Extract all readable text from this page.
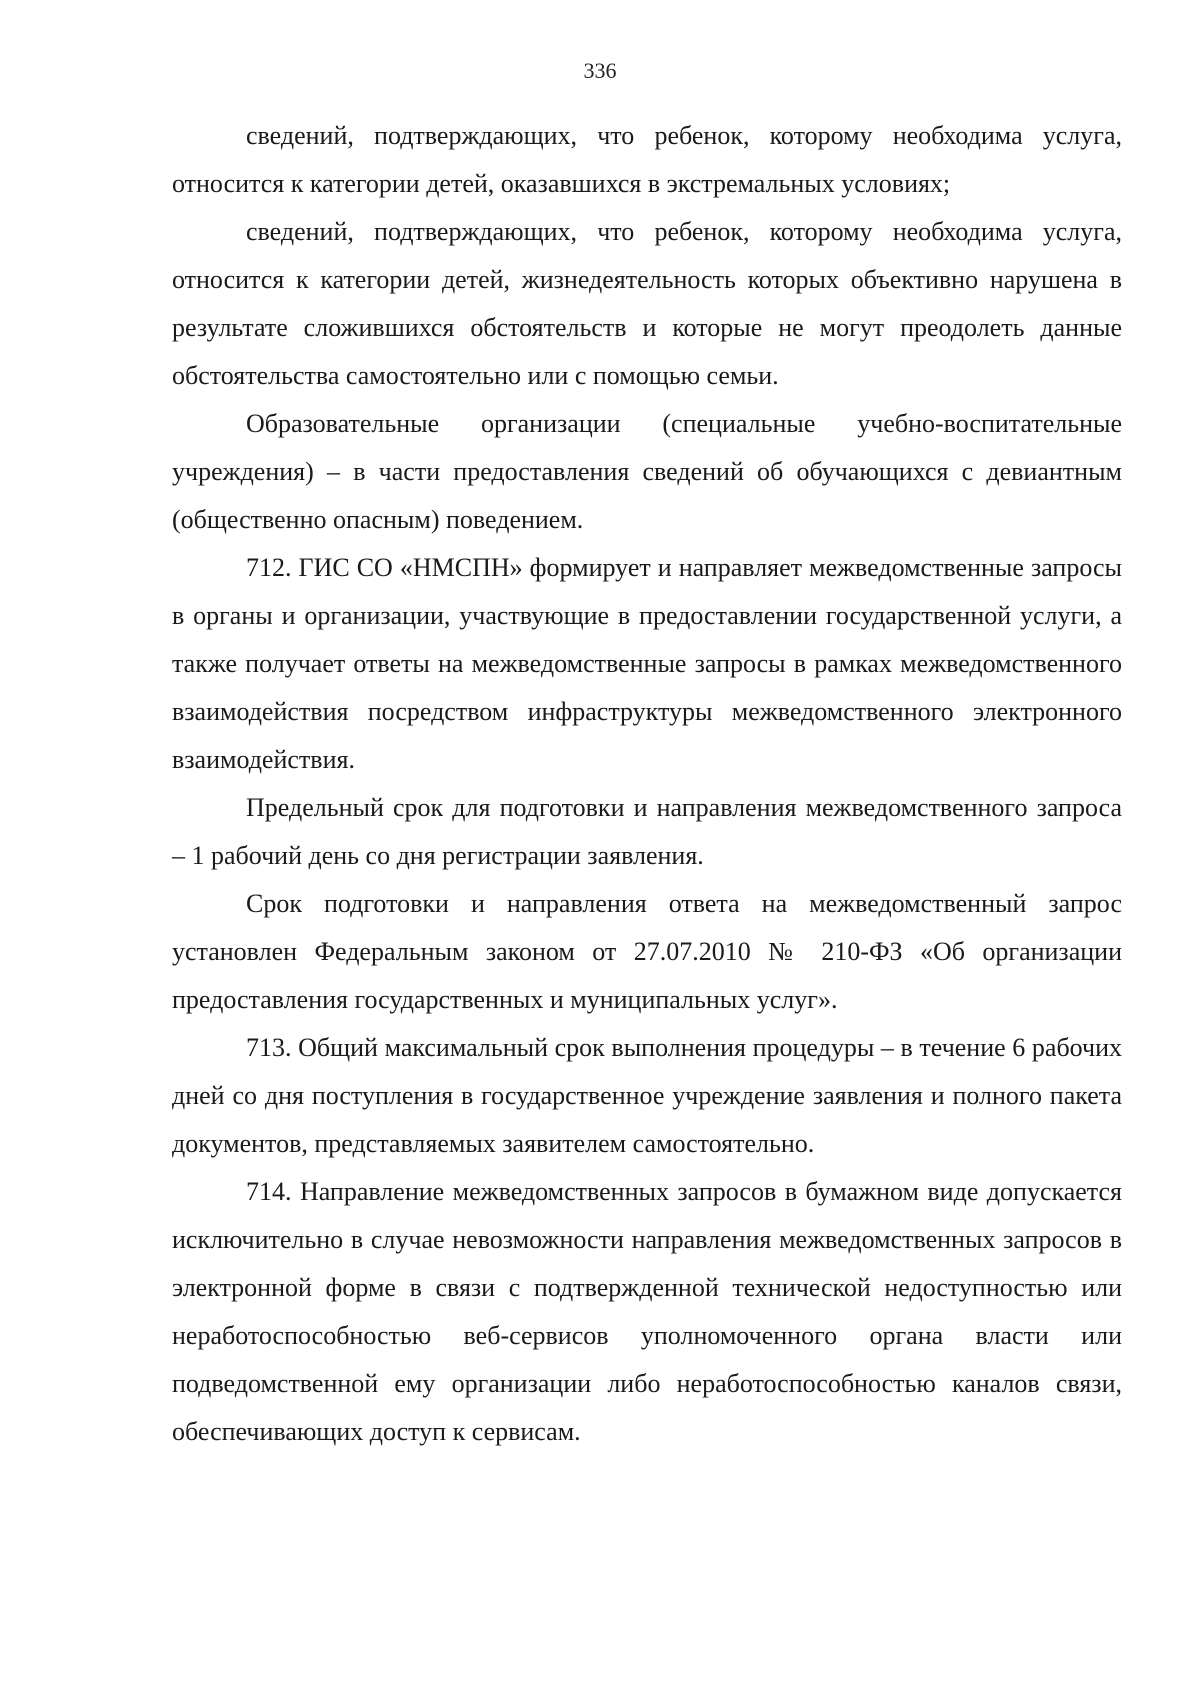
336

сведений, подтверждающих, что ребенок, которому необходима услуга, относится к категории детей, оказавшихся в экстремальных условиях;

сведений, подтверждающих, что ребенок, которому необходима услуга, относится к категории детей, жизнедеятельность которых объективно нарушена в результате сложившихся обстоятельств и которые не могут преодолеть данные обстоятельства самостоятельно или с помощью семьи.

Образовательные организации (специальные учебно-воспитательные учреждения) – в части предоставления сведений об обучающихся с девиантным (общественно опасным) поведением.

712. ГИС СО «НМСПН» формирует и направляет межведомственные запросы в органы и организации, участвующие в предоставлении государственной услуги, а также получает ответы на межведомственные запросы в рамках межведомственного взаимодействия посредством инфраструктуры межведомственного электронного взаимодействия.

Предельный срок для подготовки и направления межведомственного запроса – 1 рабочий день со дня регистрации заявления.

Срок подготовки и направления ответа на межведомственный запрос установлен Федеральным законом от 27.07.2010 № 210-ФЗ «Об организации предоставления государственных и муниципальных услуг».

713. Общий максимальный срок выполнения процедуры – в течение 6 рабочих дней со дня поступления в государственное учреждение заявления и полного пакета документов, представляемых заявителем самостоятельно.

714. Направление межведомственных запросов в бумажном виде допускается исключительно в случае невозможности направления межведомственных запросов в электронной форме в связи с подтвержденной технической недоступностью или неработоспособностью веб-сервисов уполномоченного органа власти или подведомственной ему организации либо неработоспособностью каналов связи, обеспечивающих доступ к сервисам.
